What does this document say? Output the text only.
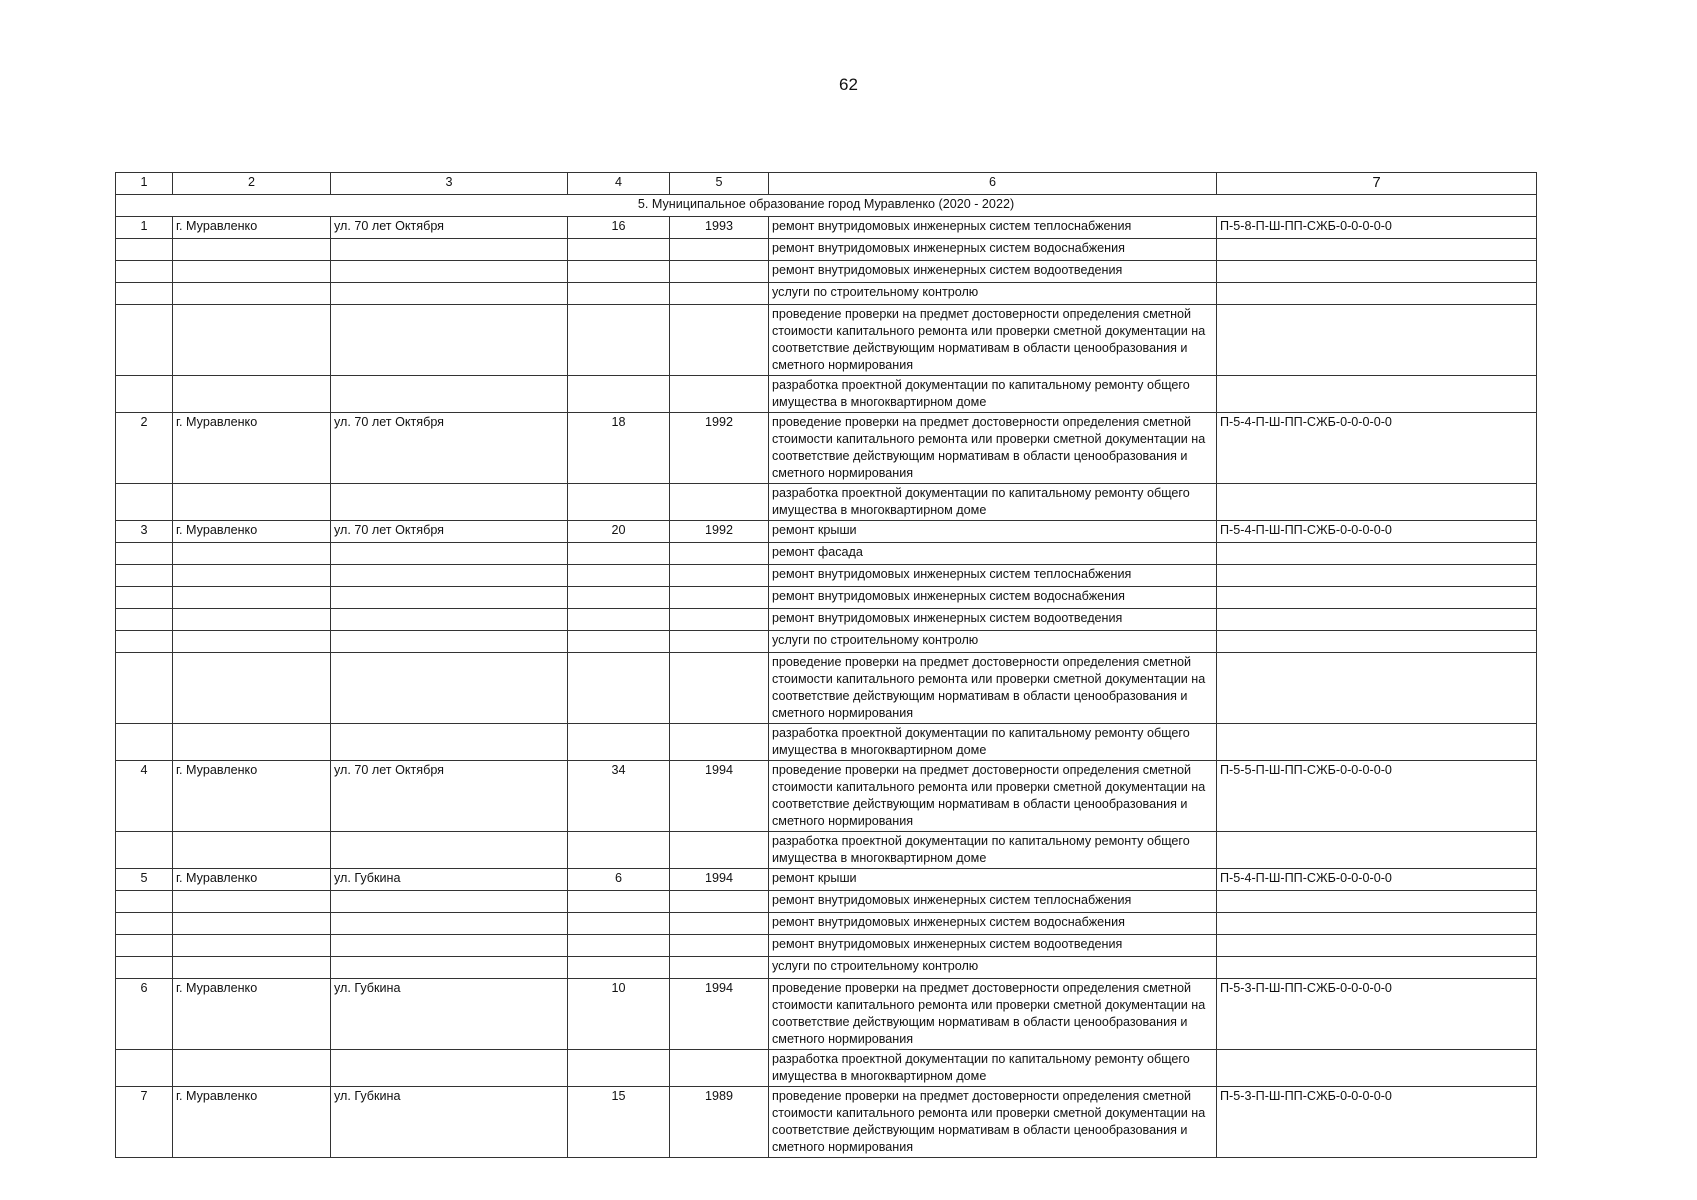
62
1	2	3	4	5	6	7
5. Муниципальное образование город Муравленко (2020 - 2022)						
1	г. Муравленко	ул. 70 лет Октября	16	1993	ремонт внутридомовых инженерных систем теплоснабжения	П-5-8-П-Ш-ПП-СЖБ-0-0-0-0-0
					ремонт внутридомовых инженерных систем водоснабжения	
					ремонт внутридомовых инженерных систем водоотведения	
					услуги по строительному контролю	
					проведение проверки на предмет достоверности определения сметной стоимости капитального ремонта или проверки сметной документации на соответствие действующим нормативам в области ценообразования и сметного нормирования	
					разработка проектной документации по капитальному ремонту общего имущества в многоквартирном доме	
2	г. Муравленко	ул. 70 лет Октября	18	1992	проведение проверки на предмет достоверности определения сметной стоимости капитального ремонта или проверки сметной документации на соответствие действующим нормативам в области ценообразования и сметного нормирования	П-5-4-П-Ш-ПП-СЖБ-0-0-0-0-0
					разработка проектной документации по капитальному ремонту общего имущества в многоквартирном доме	
3	г. Муравленко	ул. 70 лет Октября	20	1992	ремонт крыши	П-5-4-П-Ш-ПП-СЖБ-0-0-0-0-0
					ремонт фасада	
					ремонт внутридомовых инженерных систем теплоснабжения	
					ремонт внутридомовых инженерных систем водоснабжения	
					ремонт внутридомовых инженерных систем водоотведения	
					услуги по строительному контролю	
					проведение проверки на предмет достоверности определения сметной стоимости капитального ремонта или проверки сметной документации на соответствие действующим нормативам в области ценообразования и сметного нормирования	
					разработка проектной документации по капитальному ремонту общего имущества в многоквартирном доме	
4	г. Муравленко	ул. 70 лет Октября	34	1994	проведение проверки на предмет достоверности определения сметной стоимости капитального ремонта или проверки сметной документации на соответствие действующим нормативам в области ценообразования и сметного нормирования	П-5-5-П-Ш-ПП-СЖБ-0-0-0-0-0
					разработка проектной документации по капитальному ремонту общего имущества в многоквартирном доме	
5	г. Муравленко	ул. Губкина	6	1994	ремонт крыши	П-5-4-П-Ш-ПП-СЖБ-0-0-0-0-0
					ремонт внутридомовых инженерных систем теплоснабжения	
					ремонт внутридомовых инженерных систем водоснабжения	
					ремонт внутридомовых инженерных систем водоотведения	
					услуги по строительному контролю	
6	г. Муравленко	ул. Губкина	10	1994	проведение проверки на предмет достоверности определения сметной стоимости капитального ремонта или проверки сметной документации на соответствие действующим нормативам в области ценообразования и сметного нормирования	П-5-3-П-Ш-ПП-СЖБ-0-0-0-0-0
					разработка проектной документации по капитальному ремонту общего имущества в многоквартирном доме	
7	г. Муравленко	ул. Губкина	15	1989	проведение проверки на предмет достоверности определения сметной стоимости капитального ремонта или проверки сметной документации на соответствие действующим нормативам в области ценообразования и сметного нормирования	П-5-3-П-Ш-ПП-СЖБ-0-0-0-0-0
